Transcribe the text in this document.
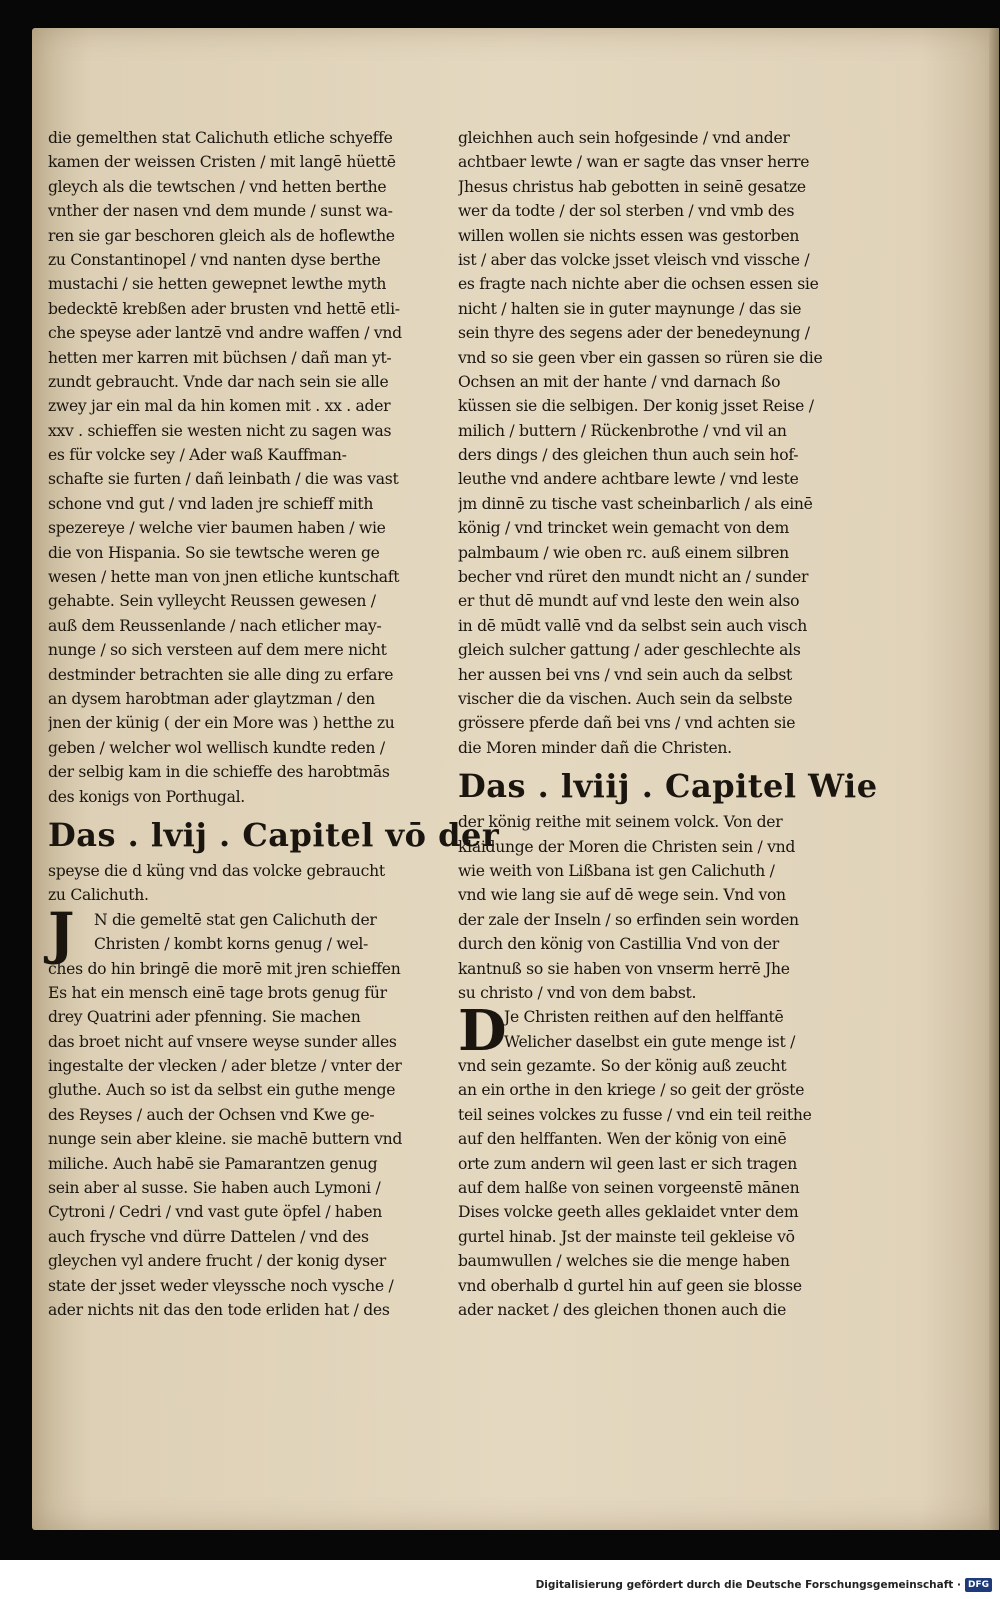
die gemelthen stat Calichuth etliche schyeffe
kamen der weissen Cristen / mit langē hüettē
gleych als die tewtschen / vnd hetten berthe
vnther der nasen vnd dem munde / sunst wa-
ren sie gar beschoren gleich als de hoflewthe
zu Constantinopel / vnd nanten dyse berthe
mustachi / sie hetten gewepnet lewthe myth
bedecktē krebßen ader brusten vnd hettē etli-
che speyse ader lantzē vnd andre waffen / vnd
hetten mer karren mit büchsen / dañ man yt-
zundt gebraucht. Vnde dar nach sein sie alle
zwey jar ein mal da hin komen mit . xx . ader
xxv . schieffen sie westen nicht zu sagen was
es für volcke sey / Ader waß Kauffman-
schafte sie furten / dañ leinbath / die was vast
schone vnd gut / vnd laden jre schieff mith
spezereye / welche vier baumen haben / wie
die von Hispania. So sie tewtsche weren ge
wesen / hette man von jnen etliche kuntschaft
gehabte. Sein vylleycht Reussen gewesen /
auß dem Reussenlande / nach etlicher may-
nunge / so sich versteen auf dem mere nicht
destminder betrachten sie alle ding zu erfare
an dysem harobtman ader glaytzman / den
jnen der künig ( der ein More was ) hetthe zu
geben / welcher wol wellisch kundte reden /
der selbig kam in die schieffe des harobtmās
des konigs von Porthugal.
Das . lvij . Capitel vō der
speyse die d küng vnd das volcke gebraucht
zu Calichuth.
J	N die gemeltē stat gen Calichuth der
Christen / kombt korns genug / wel-
ches do hin bringē die morē mit jren schieffen
Es hat ein mensch einē tage brots genug für
drey Quatrini ader pfenning. Sie machen
das broet nicht auf vnsere weyse sunder alles
ingestalte der vlecken / ader bletze / vnter der
gluthe. Auch so ist da selbst ein guthe menge
des Reyses / auch der Ochsen vnd Kwe ge-
nunge sein aber kleine. sie machē buttern vnd
miliche. Auch habē sie Pamarantzen genug
sein aber al susse. Sie haben auch Lymoni /
Cytroni / Cedri / vnd vast gute öpfel / haben
auch frysche vnd dürre Dattelen / vnd des
gleychen vyl andere frucht / der konig dyser
state der jsset weder vleyssche noch vysche /
ader nichts nit das den tode erliden hat / des
gleichhen auch sein hofgesinde / vnd ander
achtbaer lewte / wan er sagte das vnser herre
Jhesus christus hab gebotten in seinē gesatze
wer da todte / der sol sterben / vnd vmb des
willen wollen sie nichts essen was gestorben
ist / aber das volcke jsset vleisch vnd vissche /
es fragte nach nichte aber die ochsen essen sie
nicht / halten sie in guter maynunge / das sie
sein thyre des segens ader der benedeynung /
vnd so sie geen vber ein gassen so rüren sie die
Ochsen an mit der hante / vnd darnach ßo
küssen sie die selbigen. Der konig jsset Reise /
milich / buttern / Rückenbrothe / vnd vil an
ders dings / des gleichen thun auch sein hof-
leuthe vnd andere achtbare lewte / vnd leste
jm dinnē zu tische vast scheinbarlich / als einē
könig / vnd trincket wein gemacht von dem
palmbaum / wie oben rc. auß einem silbren
becher vnd rüret den mundt nicht an / sunder
er thut dē mundt auf vnd leste den wein also
in dē mūdt vallē vnd da selbst sein auch visch
gleich sulcher gattung / ader geschlechte als
her aussen bei vns / vnd sein auch da selbst
vischer die da vischen. Auch sein da selbste
grössere pferde dañ bei vns / vnd achten sie
die Moren minder dañ die Christen.
Das . lviij . Capitel Wie
der könig reithe mit seinem volck. Von der
klaidunge der Moren die Christen sein / vnd
wie weith von Lißbana ist gen Calichuth /
vnd wie lang sie auf dē wege sein. Vnd von
der zale der Inseln / so erfinden sein worden
durch den könig von Castillia Vnd von der
kantnuß so sie haben von vnserm herrē Jhe
su christo / vnd von dem babst.
D
Je Christen reithen auf den helffantē
Welicher daselbst ein gute menge ist /
vnd sein gezamte. So der könig auß zeucht
an ein orthe in den kriege / so geit der gröste
teil seines volckes zu fusse / vnd ein teil reithe
auf den helffanten. Wen der könig von einē
orte zum andern wil geen last er sich tragen
auf dem halße von seinen vorgeenstē mānen
Dises volcke geeth alles geklaidet vnter dem
gurtel hinab. Jst der mainste teil gekleise vō
baumwullen / welches sie die menge haben
vnd oberhalb d gurtel hin auf geen sie blosse
ader nacket / des gleichen thonen auch die
Digitalisierung gefördert durch die Deutsche Forschungsgemeinschaft · DFG
